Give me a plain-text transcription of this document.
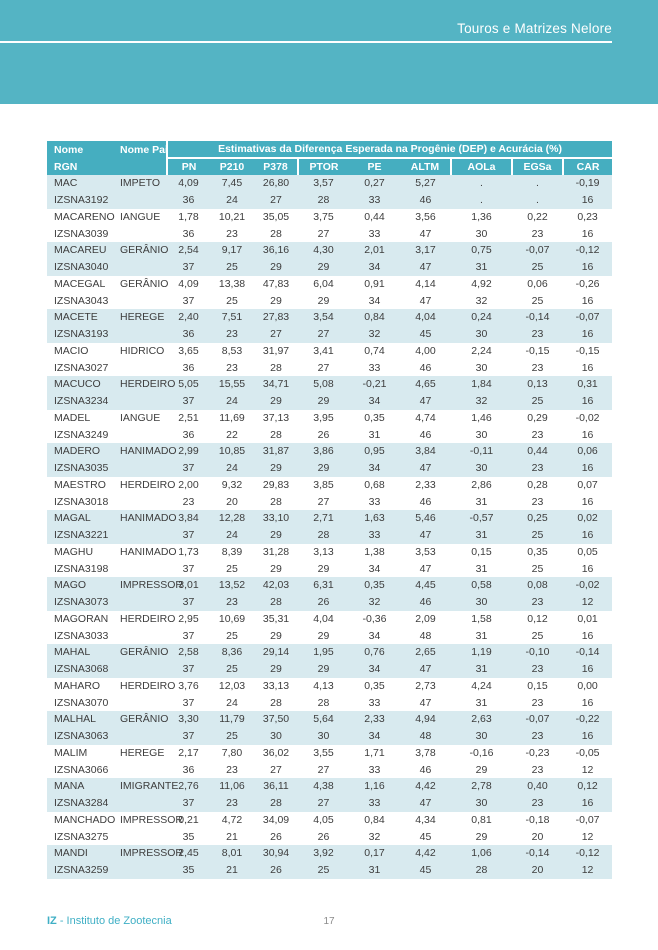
Touros e Matrizes Nelore
Nome	Nome Pai	Estimativas da Diferença Esperada na Progênie (DEP) e Acurácia (%)								
RGN		PN	P210	P378	PTOR	PE	ALTM	AOLa	EGSa	CAR
MAC	IMPETO	4,09	7,45	26,80	3,57	0,27	5,27	.	.	-0,19
IZSNA3192		36	24	27	28	33	46	.	.	16
MACARENO	IANGUE	1,78	10,21	35,05	3,75	0,44	3,56	1,36	0,22	0,23
IZSNA3039		36	23	28	27	33	47	30	23	16
MACAREU	GERÂNIO	2,54	9,17	36,16	4,30	2,01	3,17	0,75	-0,07	-0,12
IZSNA3040		37	25	29	29	34	47	31	25	16
MACEGAL	GERÂNIO	4,09	13,38	47,83	6,04	0,91	4,14	4,92	0,06	-0,26
IZSNA3043		37	25	29	29	34	47	32	25	16
MACETE	HEREGE	2,40	7,51	27,83	3,54	0,84	4,04	0,24	-0,14	-0,07
IZSNA3193		36	23	27	27	32	45	30	23	16
MACIO	HIDRICO	3,65	8,53	31,97	3,41	0,74	4,00	2,24	-0,15	-0,15
IZSNA3027		36	23	28	27	33	46	30	23	16
MACUCO	HERDEIRO	5,05	15,55	34,71	5,08	-0,21	4,65	1,84	0,13	0,31
IZSNA3234		37	24	29	29	34	47	32	25	16
MADEL	IANGUE	2,51	11,69	37,13	3,95	0,35	4,74	1,46	0,29	-0,02
IZSNA3249		36	22	28	26	31	46	30	23	16
MADERO	HANIMADO	2,99	10,85	31,87	3,86	0,95	3,84	-0,11	0,44	0,06
IZSNA3035		37	24	29	29	34	47	30	23	16
MAESTRO	HERDEIRO	2,00	9,32	29,83	3,85	0,68	2,33	2,86	0,28	0,07
IZSNA3018		23	20	28	27	33	46	31	23	16
MAGAL	HANIMADO	3,84	12,28	33,10	2,71	1,63	5,46	-0,57	0,25	0,02
IZSNA3221		37	24	29	28	33	47	31	25	16
MAGHU	HANIMADO	1,73	8,39	31,28	3,13	1,38	3,53	0,15	0,35	0,05
IZSNA3198		37	25	29	29	34	47	31	25	16
MAGO	IMPRESSOR	3,01	13,52	42,03	6,31	0,35	4,45	0,58	0,08	-0,02
IZSNA3073		37	23	28	26	32	46	30	23	12
MAGORAN	HERDEIRO	2,95	10,69	35,31	4,04	-0,36	2,09	1,58	0,12	0,01
IZSNA3033		37	25	29	29	34	48	31	25	16
MAHAL	GERÂNIO	2,58	8,36	29,14	1,95	0,76	2,65	1,19	-0,10	-0,14
IZSNA3068		37	25	29	29	34	47	31	23	16
MAHARO	HERDEIRO	3,76	12,03	33,13	4,13	0,35	2,73	4,24	0,15	0,00
IZSNA3070		37	24	28	28	33	47	31	23	16
MALHAL	GERÂNIO	3,30	11,79	37,50	5,64	2,33	4,94	2,63	-0,07	-0,22
IZSNA3063		37	25	30	30	34	48	30	23	16
MALIM	HEREGE	2,17	7,80	36,02	3,55	1,71	3,78	-0,16	-0,23	-0,05
IZSNA3066		36	23	27	27	33	46	29	23	12
MANA	IMIGRANTE	2,76	11,06	36,11	4,38	1,16	4,42	2,78	0,40	0,12
IZSNA3284		37	23	28	27	33	47	30	23	16
MANCHADO	IMPRESSOR	0,21	4,72	34,09	4,05	0,84	4,34	0,81	-0,18	-0,07
IZSNA3275		35	21	26	26	32	45	29	20	12
MANDI	IMPRESSOR	2,45	8,01	30,94	3,92	0,17	4,42	1,06	-0,14	-0,12
IZSNA3259		35	21	26	25	31	45	28	20	12
IZ - Instituto de Zootecnia	17
